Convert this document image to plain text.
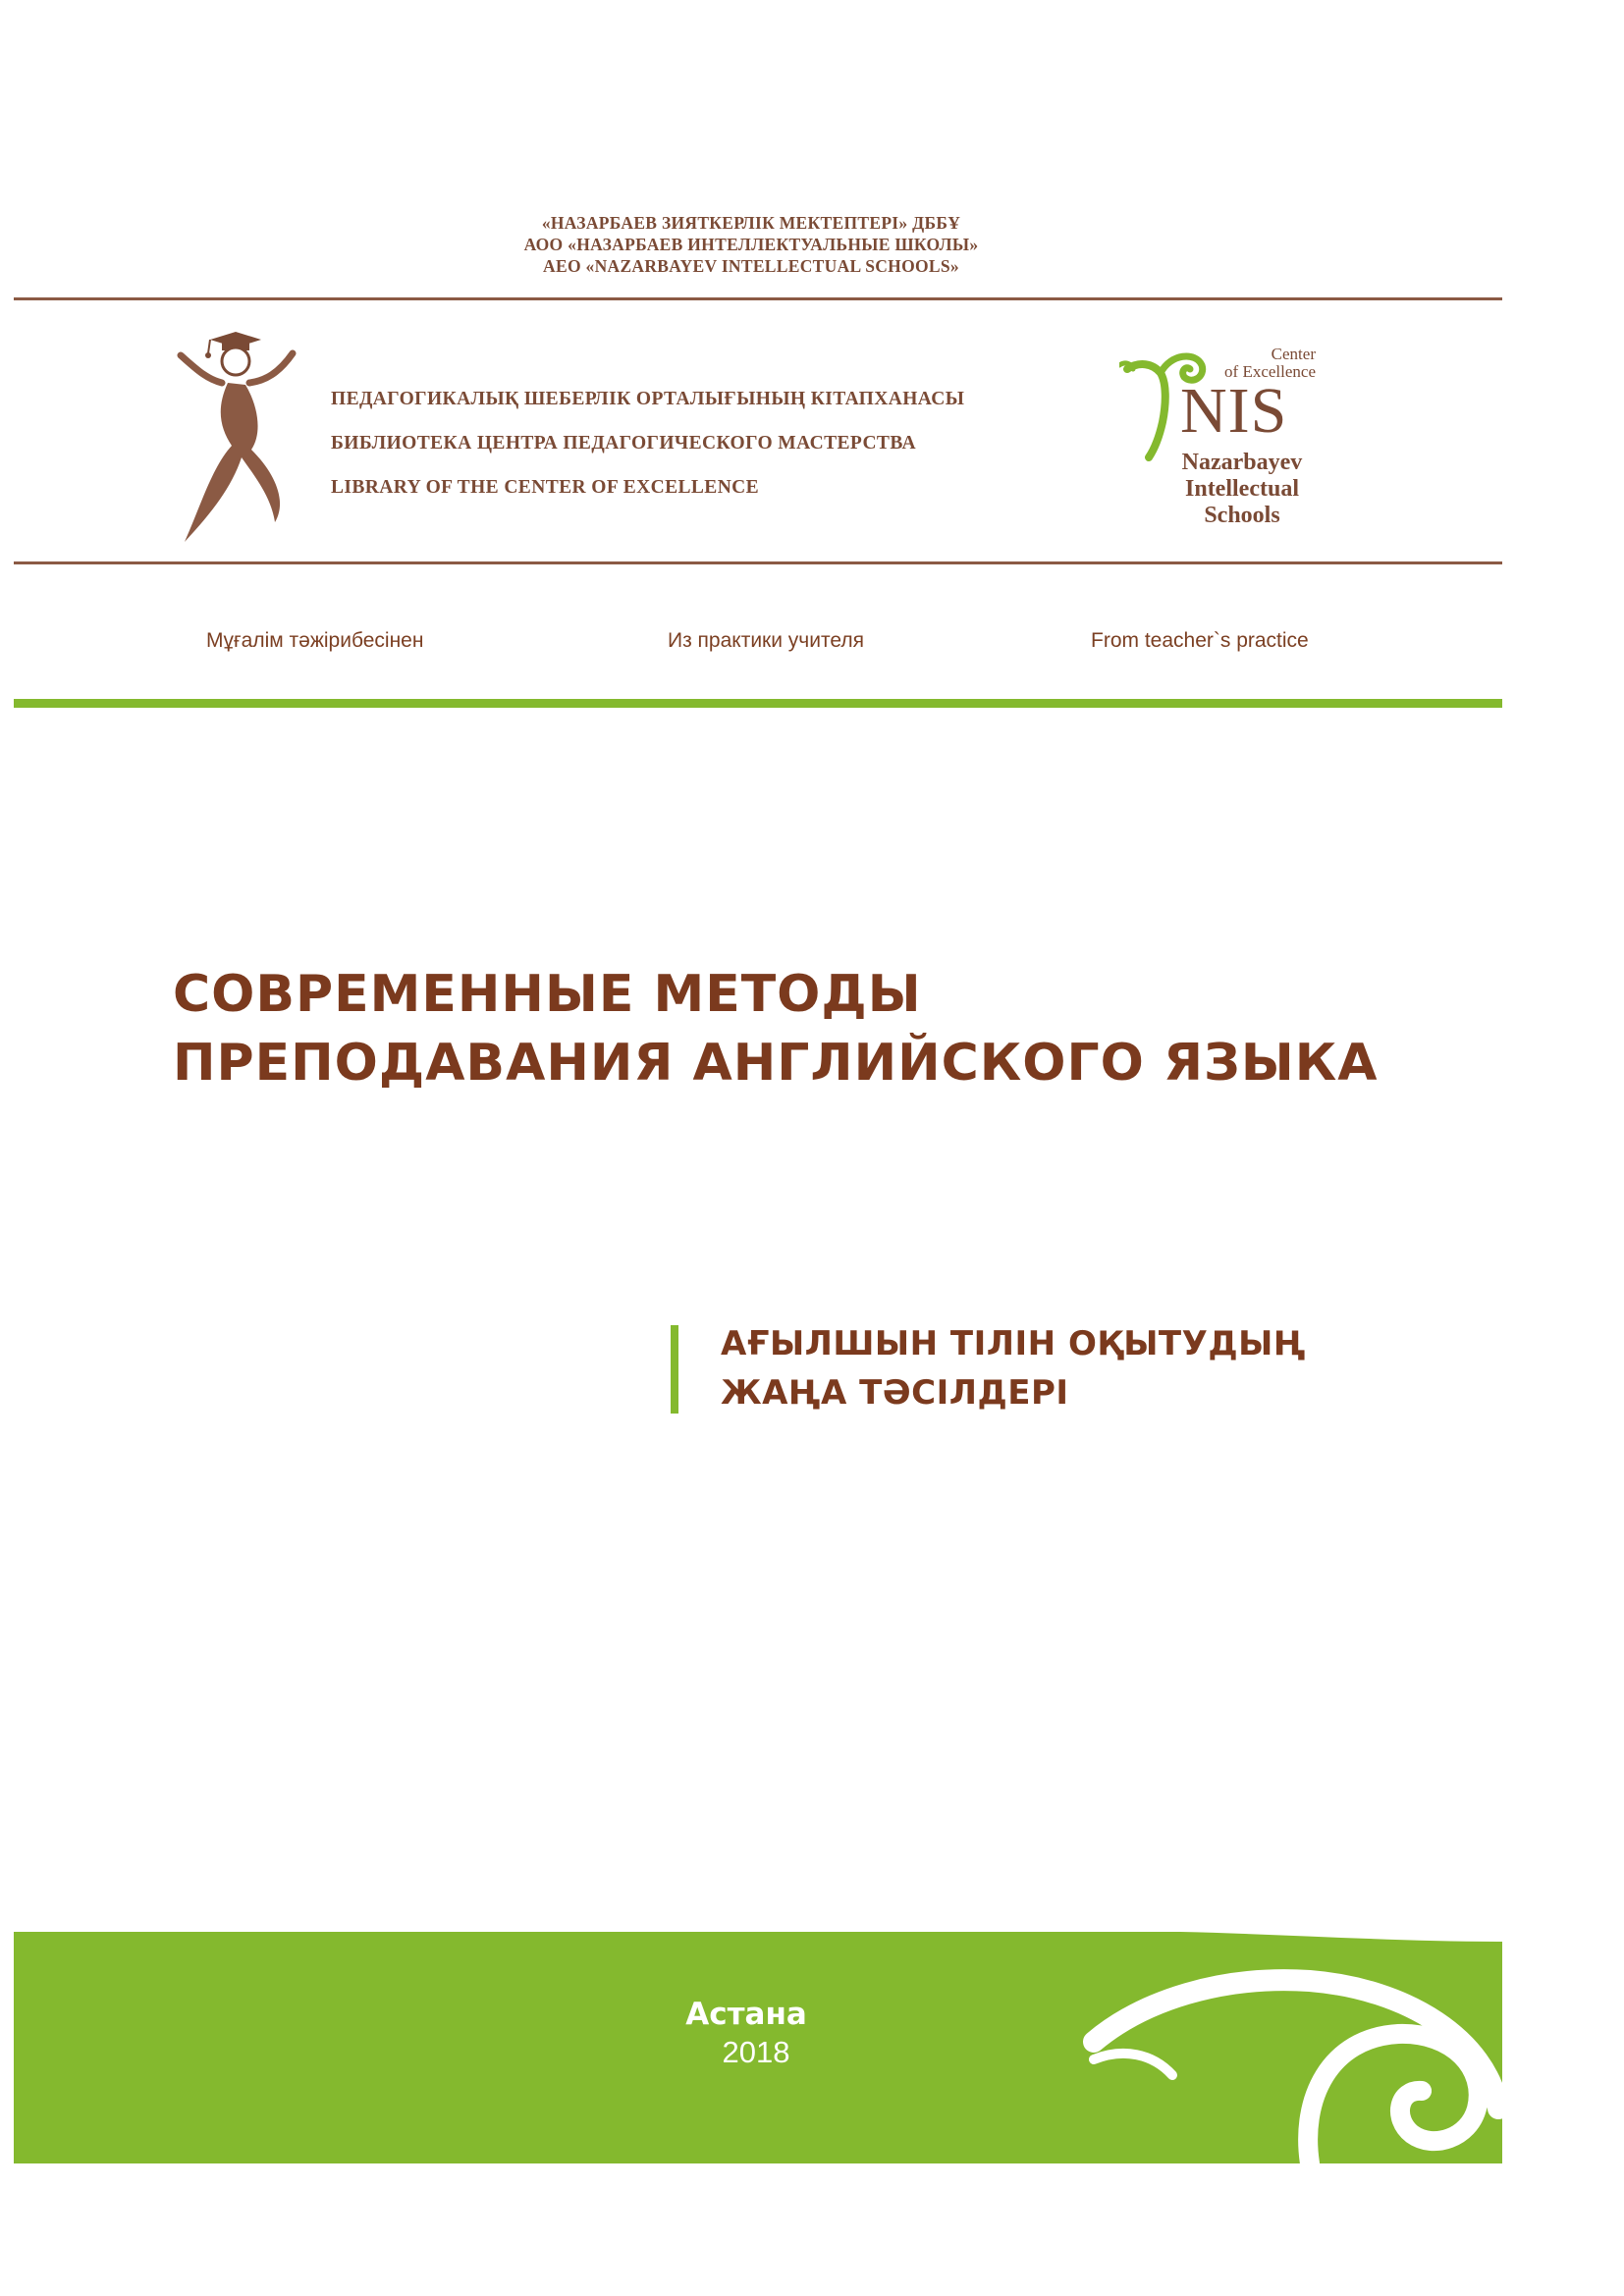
«НАЗАРБАЕВ ЗИЯТКЕРЛІК МЕКТЕПТЕРІ» ДББҰ
АОО «НАЗАРБАЕВ ИНТЕЛЛЕКТУАЛЬНЫЕ ШКОЛЫ»
АЕО «NAZARBAYEV INTELLECTUAL SCHOOLS»
ПЕДАГОГИКАЛЫҚ ШЕБЕРЛІК ОРТАЛЫҒЫНЫҢ КІТАПХАНАСЫ
БИБЛИОТЕКА ЦЕНТРА ПЕДАГОГИЧЕСКОГО МАСТЕРСТВА
LIBRARY OF THE CENTER OF EXCELLENCE
Center
of Excellence
NIS
Nazarbayev
Intellectual
Schools
Мұғалім тәжірибесінен	Из практики учителя	From teacher`s practice
СОВРЕМЕННЫЕ МЕТОДЫ
ПРЕПОДАВАНИЯ АНГЛИЙСКОГО ЯЗЫКА
АҒЫЛШЫН ТІЛІН ОҚЫТУДЫҢ
ЖАҢА ТӘСІЛДЕРІ
Астана
2018
